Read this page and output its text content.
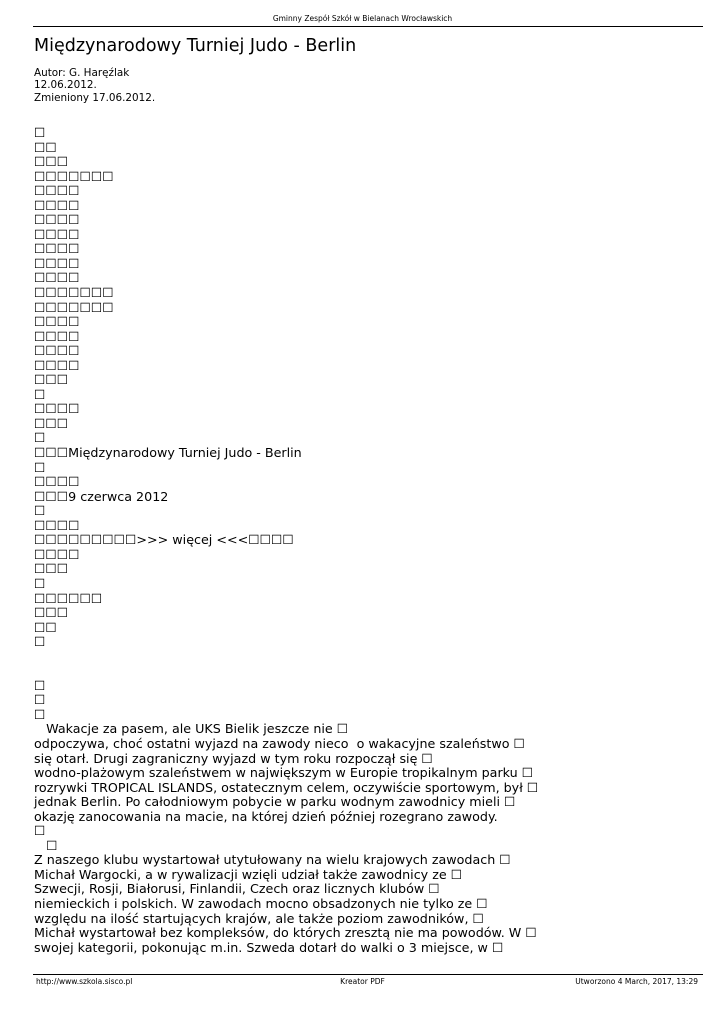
Gminny Zespół Szkół w Bielanach Wrocławskich
Międzynarodowy Turniej Judo - Berlin
Autor: G. Haręźlak
12.06.2012.
Zmieniony 17.06.2012.
☐
☐☐
☐☐☐
☐☐☐☐☐☐☐
☐☐☐☐
☐☐☐☐
☐☐☐☐
☐☐☐☐
☐☐☐☐
☐☐☐☐
☐☐☐☐
☐☐☐☐☐☐☐
☐☐☐☐☐☐☐
☐☐☐☐
☐☐☐☐
☐☐☐☐
☐☐☐☐
☐☐☐
☐
☐☐☐☐
☐☐☐
☐
☐☐☐Międzynarodowy Turniej Judo - Berlin
☐
☐☐☐☐
☐☐☐9 czerwca 2012
☐
☐☐☐☐
☐☐☐☐☐☐☐☐☐>>> więcej <<<☐☐☐☐
☐☐☐☐
☐☐☐
☐
☐☐☐☐☐☐
☐☐☐
☐☐
☐
☐
☐
☐
Wakacje za pasem, ale UKS Bielik jeszcze nie ☐
odpoczywa, choć ostatni wyjazd na zawody nieco  o wakacyjne szaleństwo ☐
się otarł. Drugi zagraniczny wyjazd w tym roku rozpoczął się ☐
wodno-plażowym szaleństwem w największym w Europie tropikalnym parku ☐
rozrywki TROPICAL ISLANDS, ostatecznym celem, oczywiście sportowym, był ☐
jednak Berlin. Po całodniowym pobycie w parku wodnym zawodnicy mieli ☐
okazję zanocowania na macie, na której dzień później rozegrano zawody.
☐
☐
Z naszego klubu wystartował utytułowany na wielu krajowych zawodach ☐
Michał Wargocki, a w rywalizacji wzięli udział także zawodnicy ze ☐
Szwecji, Rosji, Białorusi, Finlandii, Czech oraz licznych klubów ☐
niemieckich i polskich. W zawodach mocno obsadzonych nie tylko ze ☐
względu na ilość startujących krajów, ale także poziom zawodników, ☐
Michał wystartował bez kompleksów, do których zresztą nie ma powodów. W ☐
swojej kategorii, pokonując m.in. Szweda dotarł do walki o 3 miejsce, w ☐
http://www.szkola.sisco.pl	Kreator PDF	Utworzono 4 March, 2017, 13:29
